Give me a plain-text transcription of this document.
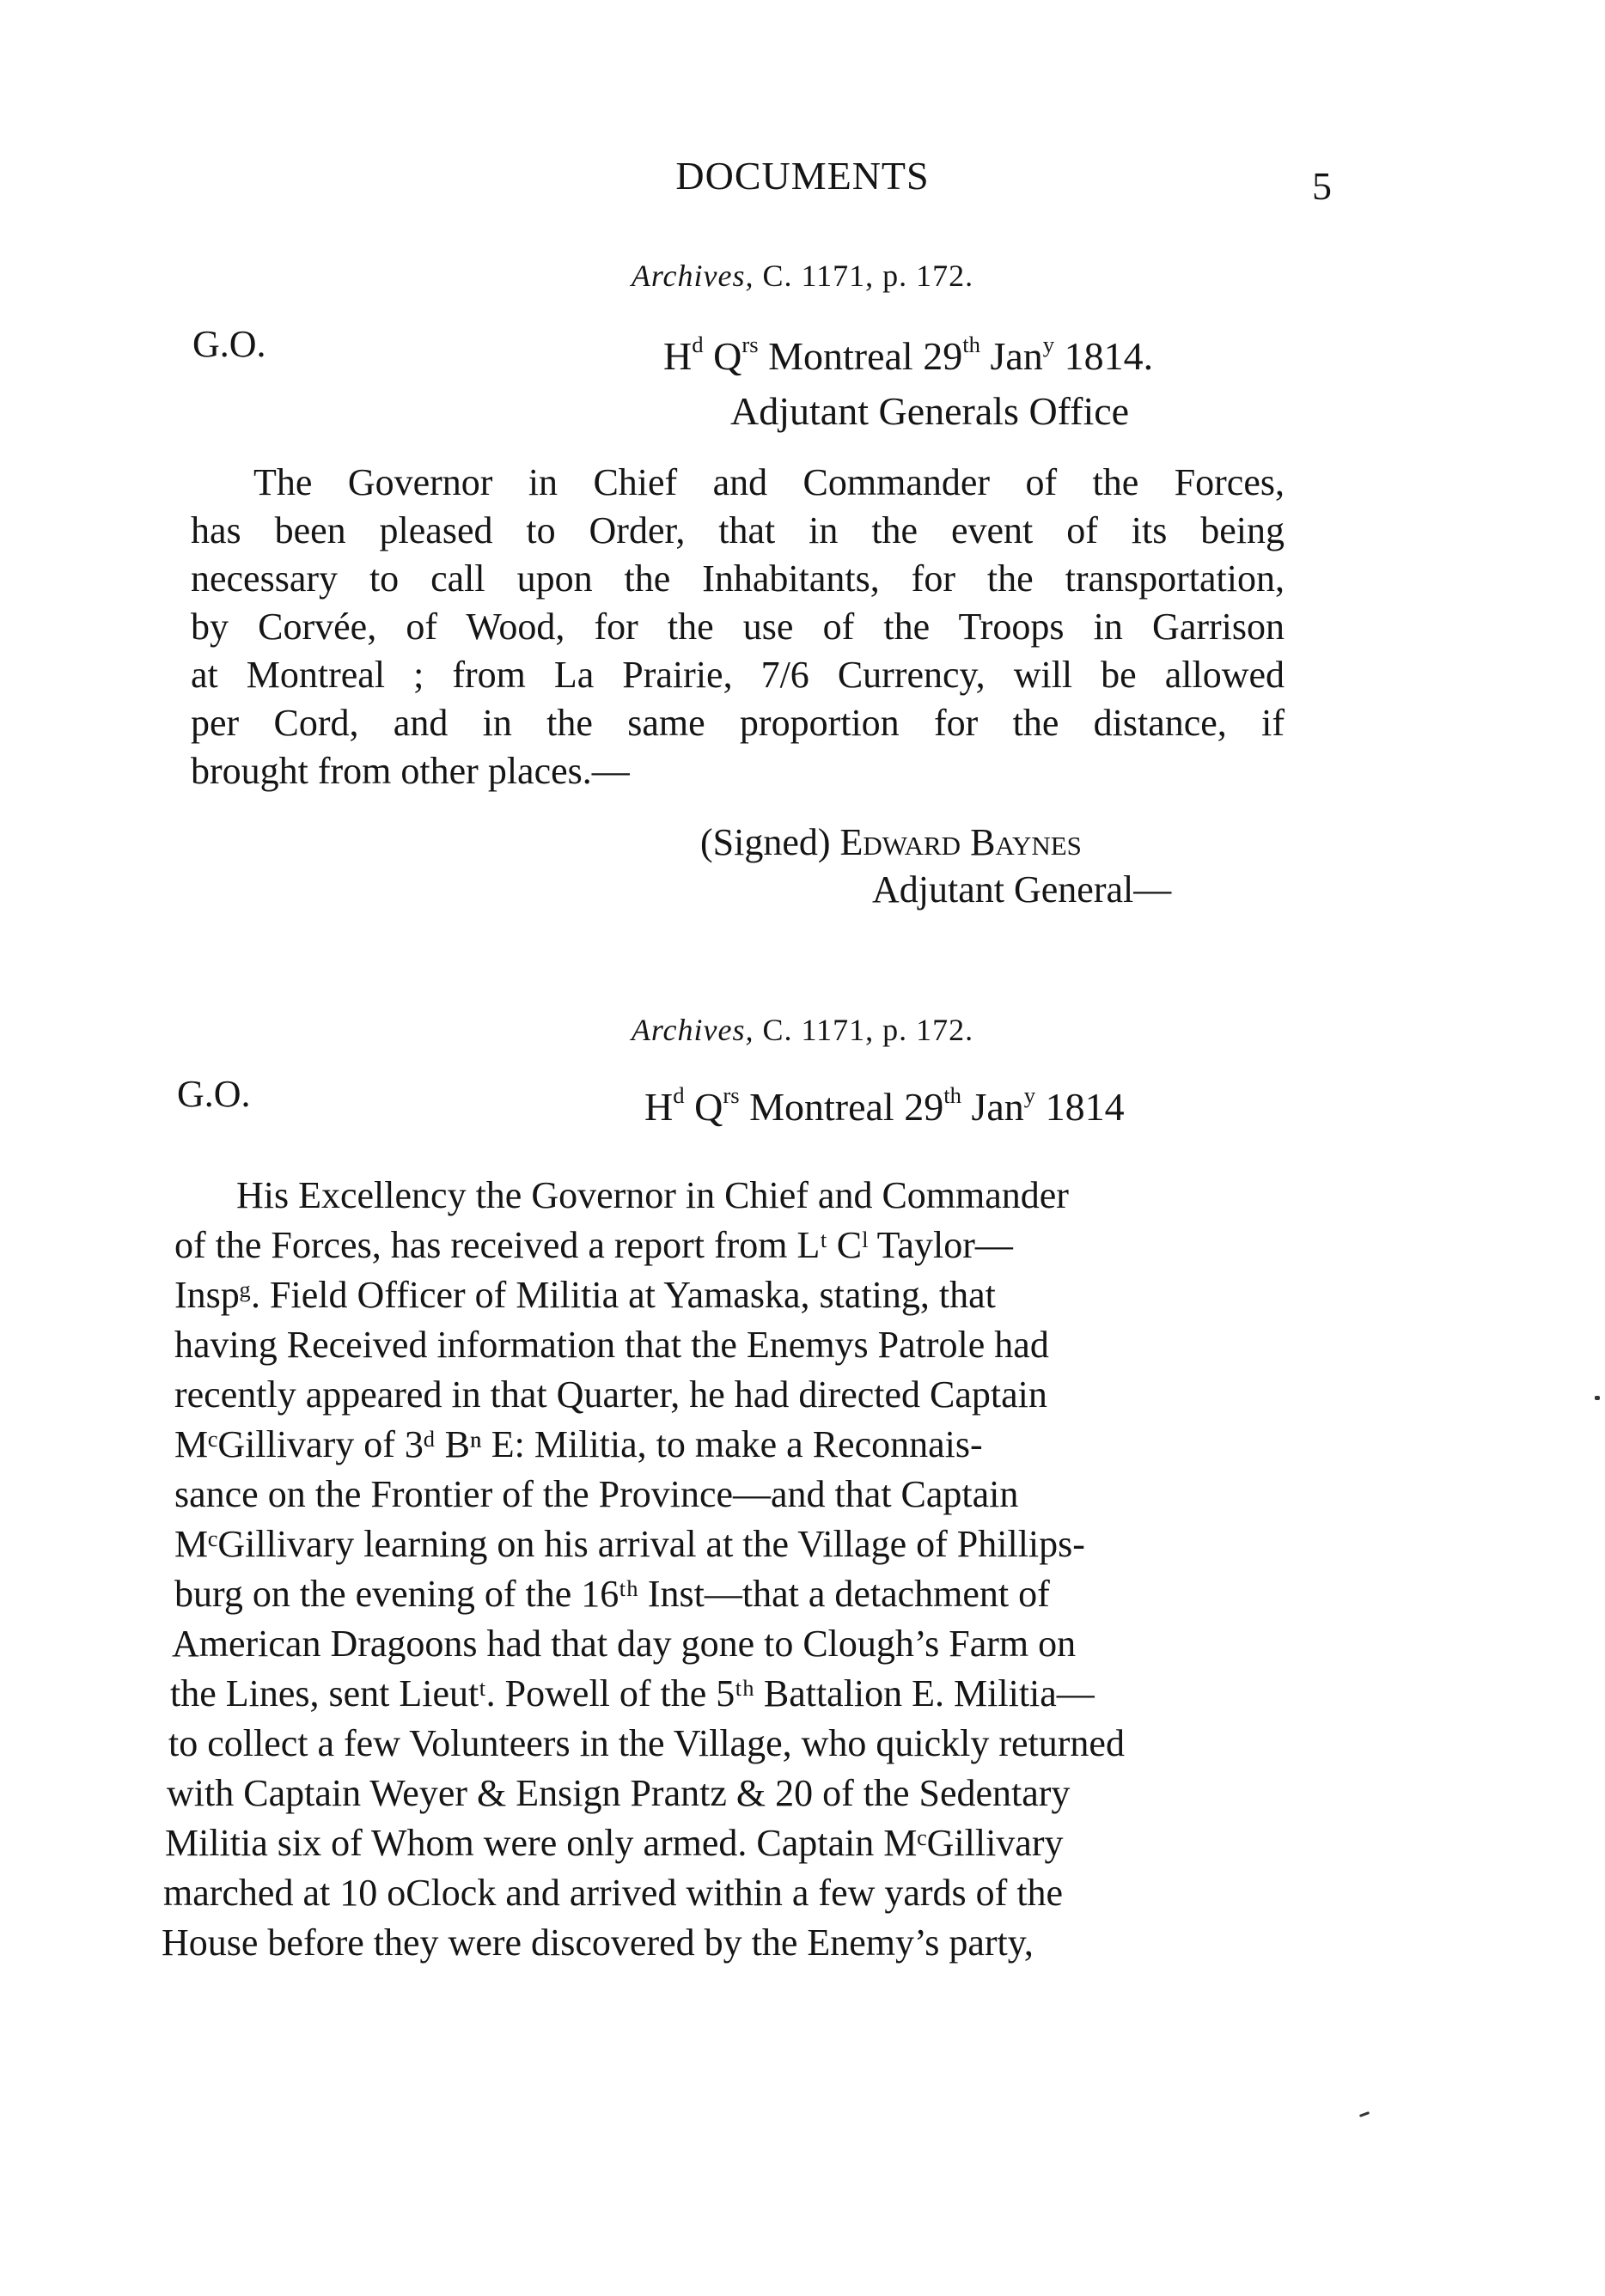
DOCUMENTS	5
Archives, C. 1171, p. 172.
G.O.	$H^d$ $Q^{rs}$ Montreal 29th Jan$^y$ 1814.
Adjutant Generals Office
The Governor in Chief and Commander of the Forces,
has been pleased to Order, that in the event of its being
necessary to call upon the Inhabitants, for the transportation,
by Corvée, of Wood, for the use of the Troops in Garrison
at Montreal ; from La Prairie, 7/6 Currency, will be allowed
per Cord, and in the same proportion for the distance, if
brought from other places.—
(Signed) Edward Baynes
Adjutant General—
Archives, C. 1171, p. 172.
G.O.	$H^d$ $Q^{rs}$ Montreal 29th Jan$^y$ 1814
His Excellency the Governor in Chief and Commander
of the Forces, has received a report from Lᵗ Cˡ Taylor—
Inspᵍ. Field Officer of Militia at Yamaska, stating, that
having Received information that the Enemys Patrole had
recently appeared in that Quarter, he had directed Captain
MᶜGillivary of 3ᵈ Bⁿ E: Militia, to make a Reconnais-
sance on the Frontier of the Province—and that Captain
MᶜGillivary learning on his arrival at the Village of Phillips-
burg on the evening of the 16ᵗʰ Inst—that a detachment of
American Dragoons had that day gone to Clough’s Farm on
the Lines, sent Lieutᵗ. Powell of the 5ᵗʰ Battalion E. Militia—
to collect a few Volunteers in the Village, who quickly returned
with Captain Weyer & Ensign Prantz & 20 of the Sedentary
Militia six of Whom were only armed. Captain MᶜGillivary
marched at 10 oClock and arrived within a few yards of the
House before they were discovered by the Enemy’s party,
